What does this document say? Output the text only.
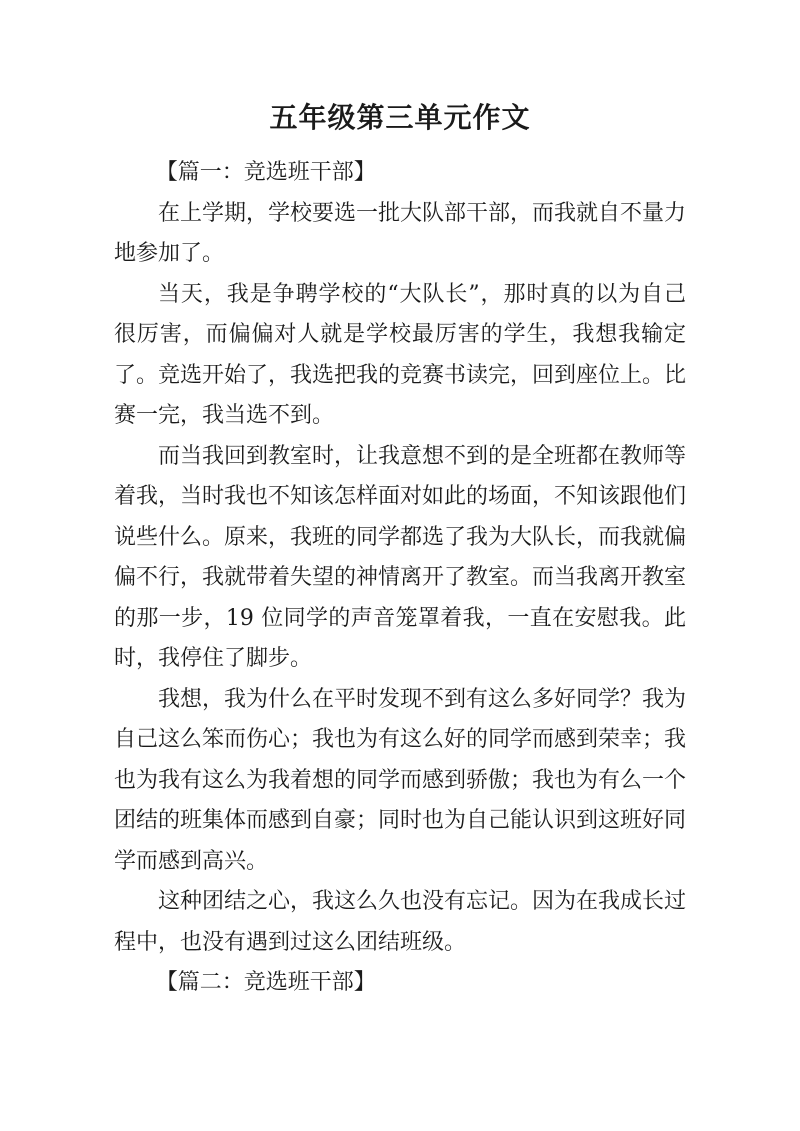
五年级第三单元作文

【篇一：竞选班干部】

在上学期，学校要选一批大队部干部，而我就自不量力地参加了。

当天，我是争聘学校的“大队长”，那时真的以为自己很厉害，而偏偏对人就是学校最厉害的学生，我想我输定了。竞选开始了，我选把我的竞赛书读完，回到座位上。比赛一完，我当选不到。

而当我回到教室时，让我意想不到的是全班都在教师等着我，当时我也不知该怎样面对如此的场面，不知该跟他们说些什么。原来，我班的同学都选了我为大队长，而我就偏偏不行，我就带着失望的神情离开了教室。而当我离开教室的那一步，19 位同学的声音笼罩着我，一直在安慰我。此时，我停住了脚步。

我想，我为什么在平时发现不到有这么多好同学？我为自己这么笨而伤心；我也为有这么好的同学而感到荣幸；我也为我有这么为我着想的同学而感到骄傲；我也为有么一个团结的班集体而感到自豪；同时也为自己能认识到这班好同学而感到高兴。

这种团结之心，我这么久也没有忘记。因为在我成长过程中，也没有遇到过这么团结班级。

【篇二：竞选班干部】
